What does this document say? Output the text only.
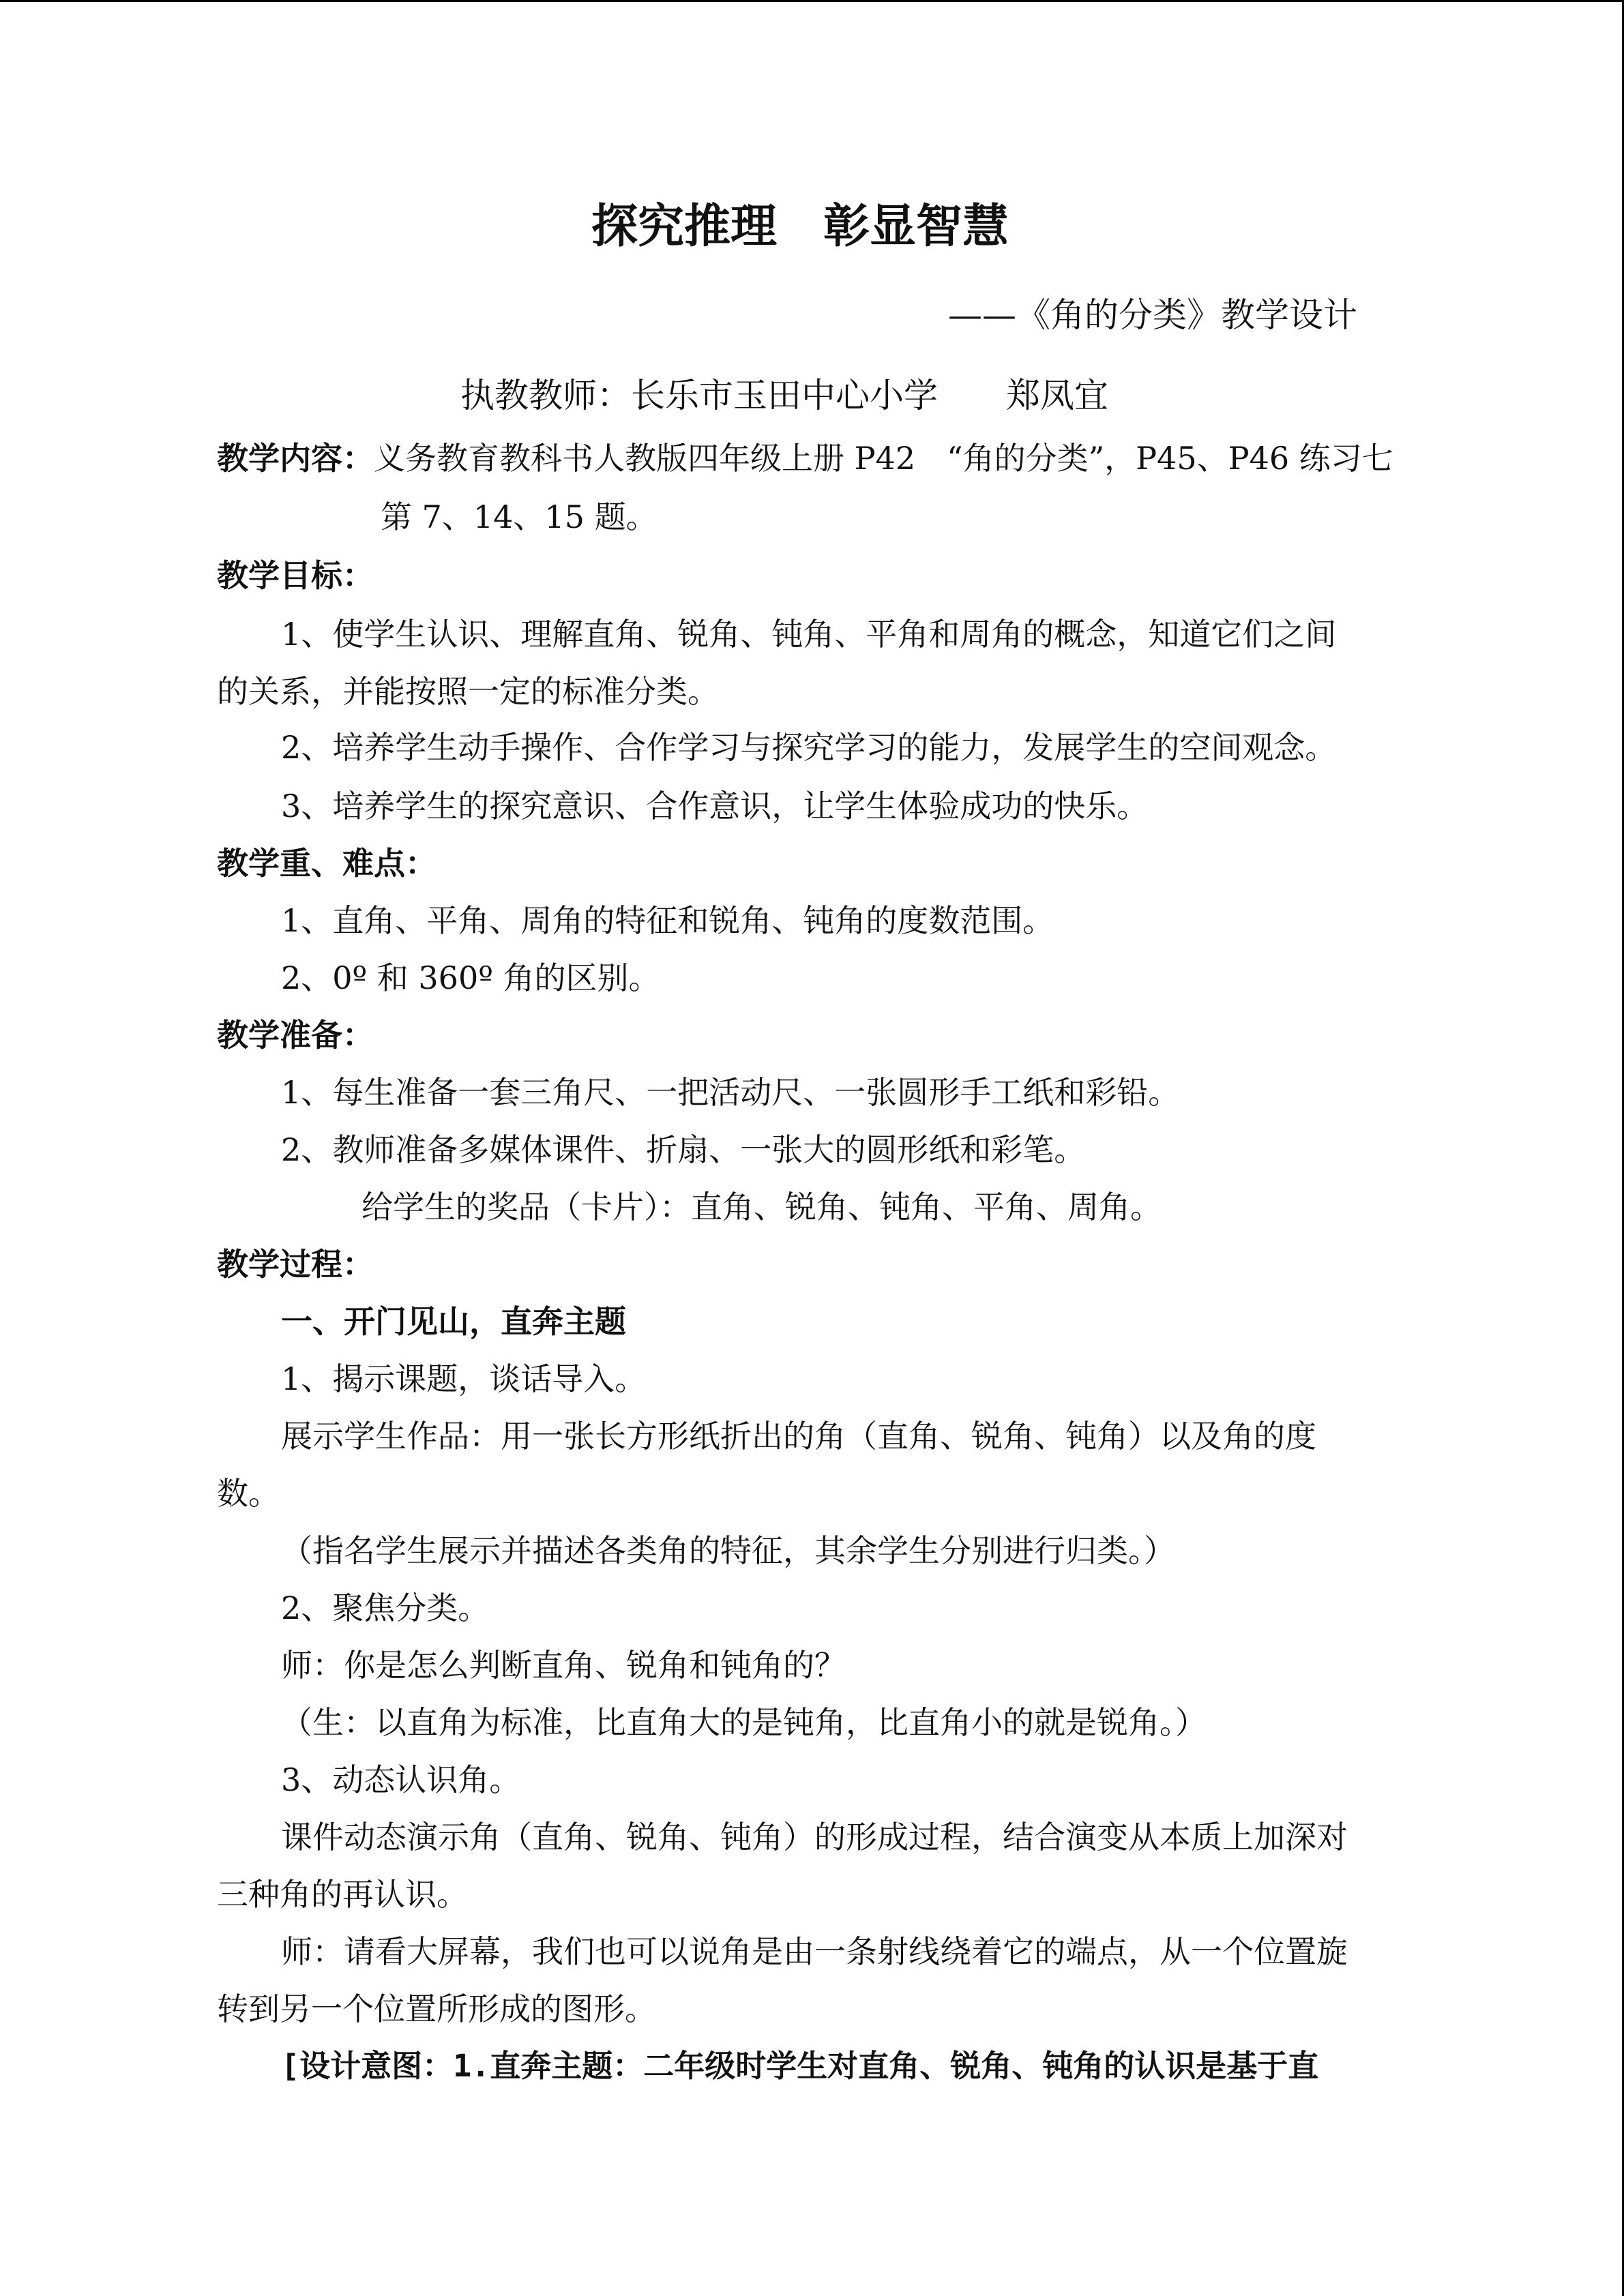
探究推理　彰显智慧
——《角的分类》教学设计
执教教师：长乐市玉田中心小学　　郑凤宜
教学内容：义务教育教科书人教版四年级上册 P42　“角的分类”，P45、P46 练习七
第 7、14、15 题。
教学目标：
1、使学生认识、理解直角、锐角、钝角、平角和周角的概念，知道它们之间
的关系，并能按照一定的标准分类。
2、培养学生动手操作、合作学习与探究学习的能力，发展学生的空间观念。
3、培养学生的探究意识、合作意识，让学生体验成功的快乐。
教学重、难点：
1、直角、平角、周角的特征和锐角、钝角的度数范围。
2、0º 和 360º 角的区别。
教学准备：
1、每生准备一套三角尺、一把活动尺、一张圆形手工纸和彩铅。
2、教师准备多媒体课件、折扇、一张大的圆形纸和彩笔。
给学生的奖品（卡片）：直角、锐角、钝角、平角、周角。
教学过程：
一、开门见山，直奔主题
1、揭示课题，谈话导入。
展示学生作品：用一张长方形纸折出的角（直角、锐角、钝角）以及角的度
数。
（指名学生展示并描述各类角的特征，其余学生分别进行归类。）
2、聚焦分类。
师：你是怎么判断直角、锐角和钝角的？
（生：以直角为标准，比直角大的是钝角，比直角小的就是锐角。）
3、动态认识角。
课件动态演示角（直角、锐角、钝角）的形成过程，结合演变从本质上加深对
三种角的再认识。
师：请看大屏幕，我们也可以说角是由一条射线绕着它的端点，从一个位置旋
转到另一个位置所形成的图形。
[设计意图：1.直奔主题：二年级时学生对直角、锐角、钝角的认识是基于直
